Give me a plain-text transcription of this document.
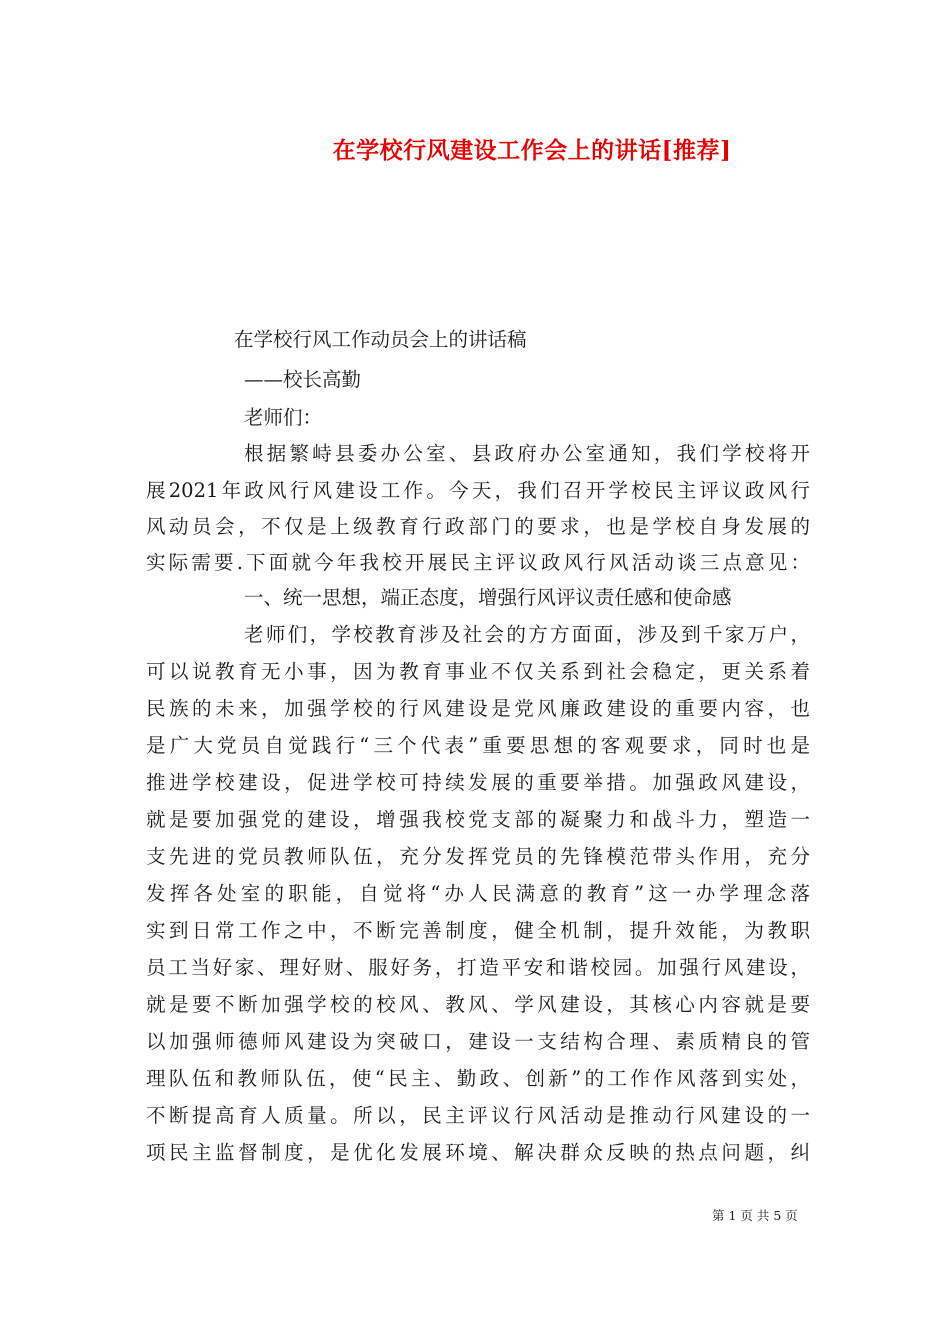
在学校行风建设工作会上的讲话[推荐]

在学校行风工作动员会上的讲话稿

——校长高勤

老师们：

根据繁峙县委办公室、县政府办公室通知，我们学校将开

展2021年政风行风建设工作。今天，我们召开学校民主评议政风行

风动员会，不仅是上级教育行政部门的要求，也是学校自身发展的

实际需要.下面就今年我校开展民主评议政风行风活动谈三点意见：

一、统一思想，端正态度，增强行风评议责任感和使命感

老师们，学校教育涉及社会的方方面面，涉及到千家万户，

可以说教育无小事，因为教育事业不仅关系到社会稳定，更关系着

民族的未来，加强学校的行风建设是党风廉政建设的重要内容，也

是广大党员自觉践行“三个代表”重要思想的客观要求，同时也是

推进学校建设，促进学校可持续发展的重要举措。加强政风建设，

就是要加强党的建设，增强我校党支部的凝聚力和战斗力，塑造一

支先进的党员教师队伍，充分发挥党员的先锋模范带头作用，充分

发挥各处室的职能，自觉将“办人民满意的教育”这一办学理念落

实到日常工作之中，不断完善制度，健全机制，提升效能，为教职

员工当好家、理好财、服好务，打造平安和谐校园。加强行风建设，

就是要不断加强学校的校风、教风、学风建设，其核心内容就是要

以加强师德师风建设为突破口，建设一支结构合理、素质精良的管

理队伍和教师队伍，使“民主、勤政、创新”的工作作风落到实处，

不断提高育人质量。所以，民主评议行风活动是推动行风建设的一

项民主监督制度，是优化发展环境、解决群众反映的热点问题，纠

第 1 页 共 5 页
